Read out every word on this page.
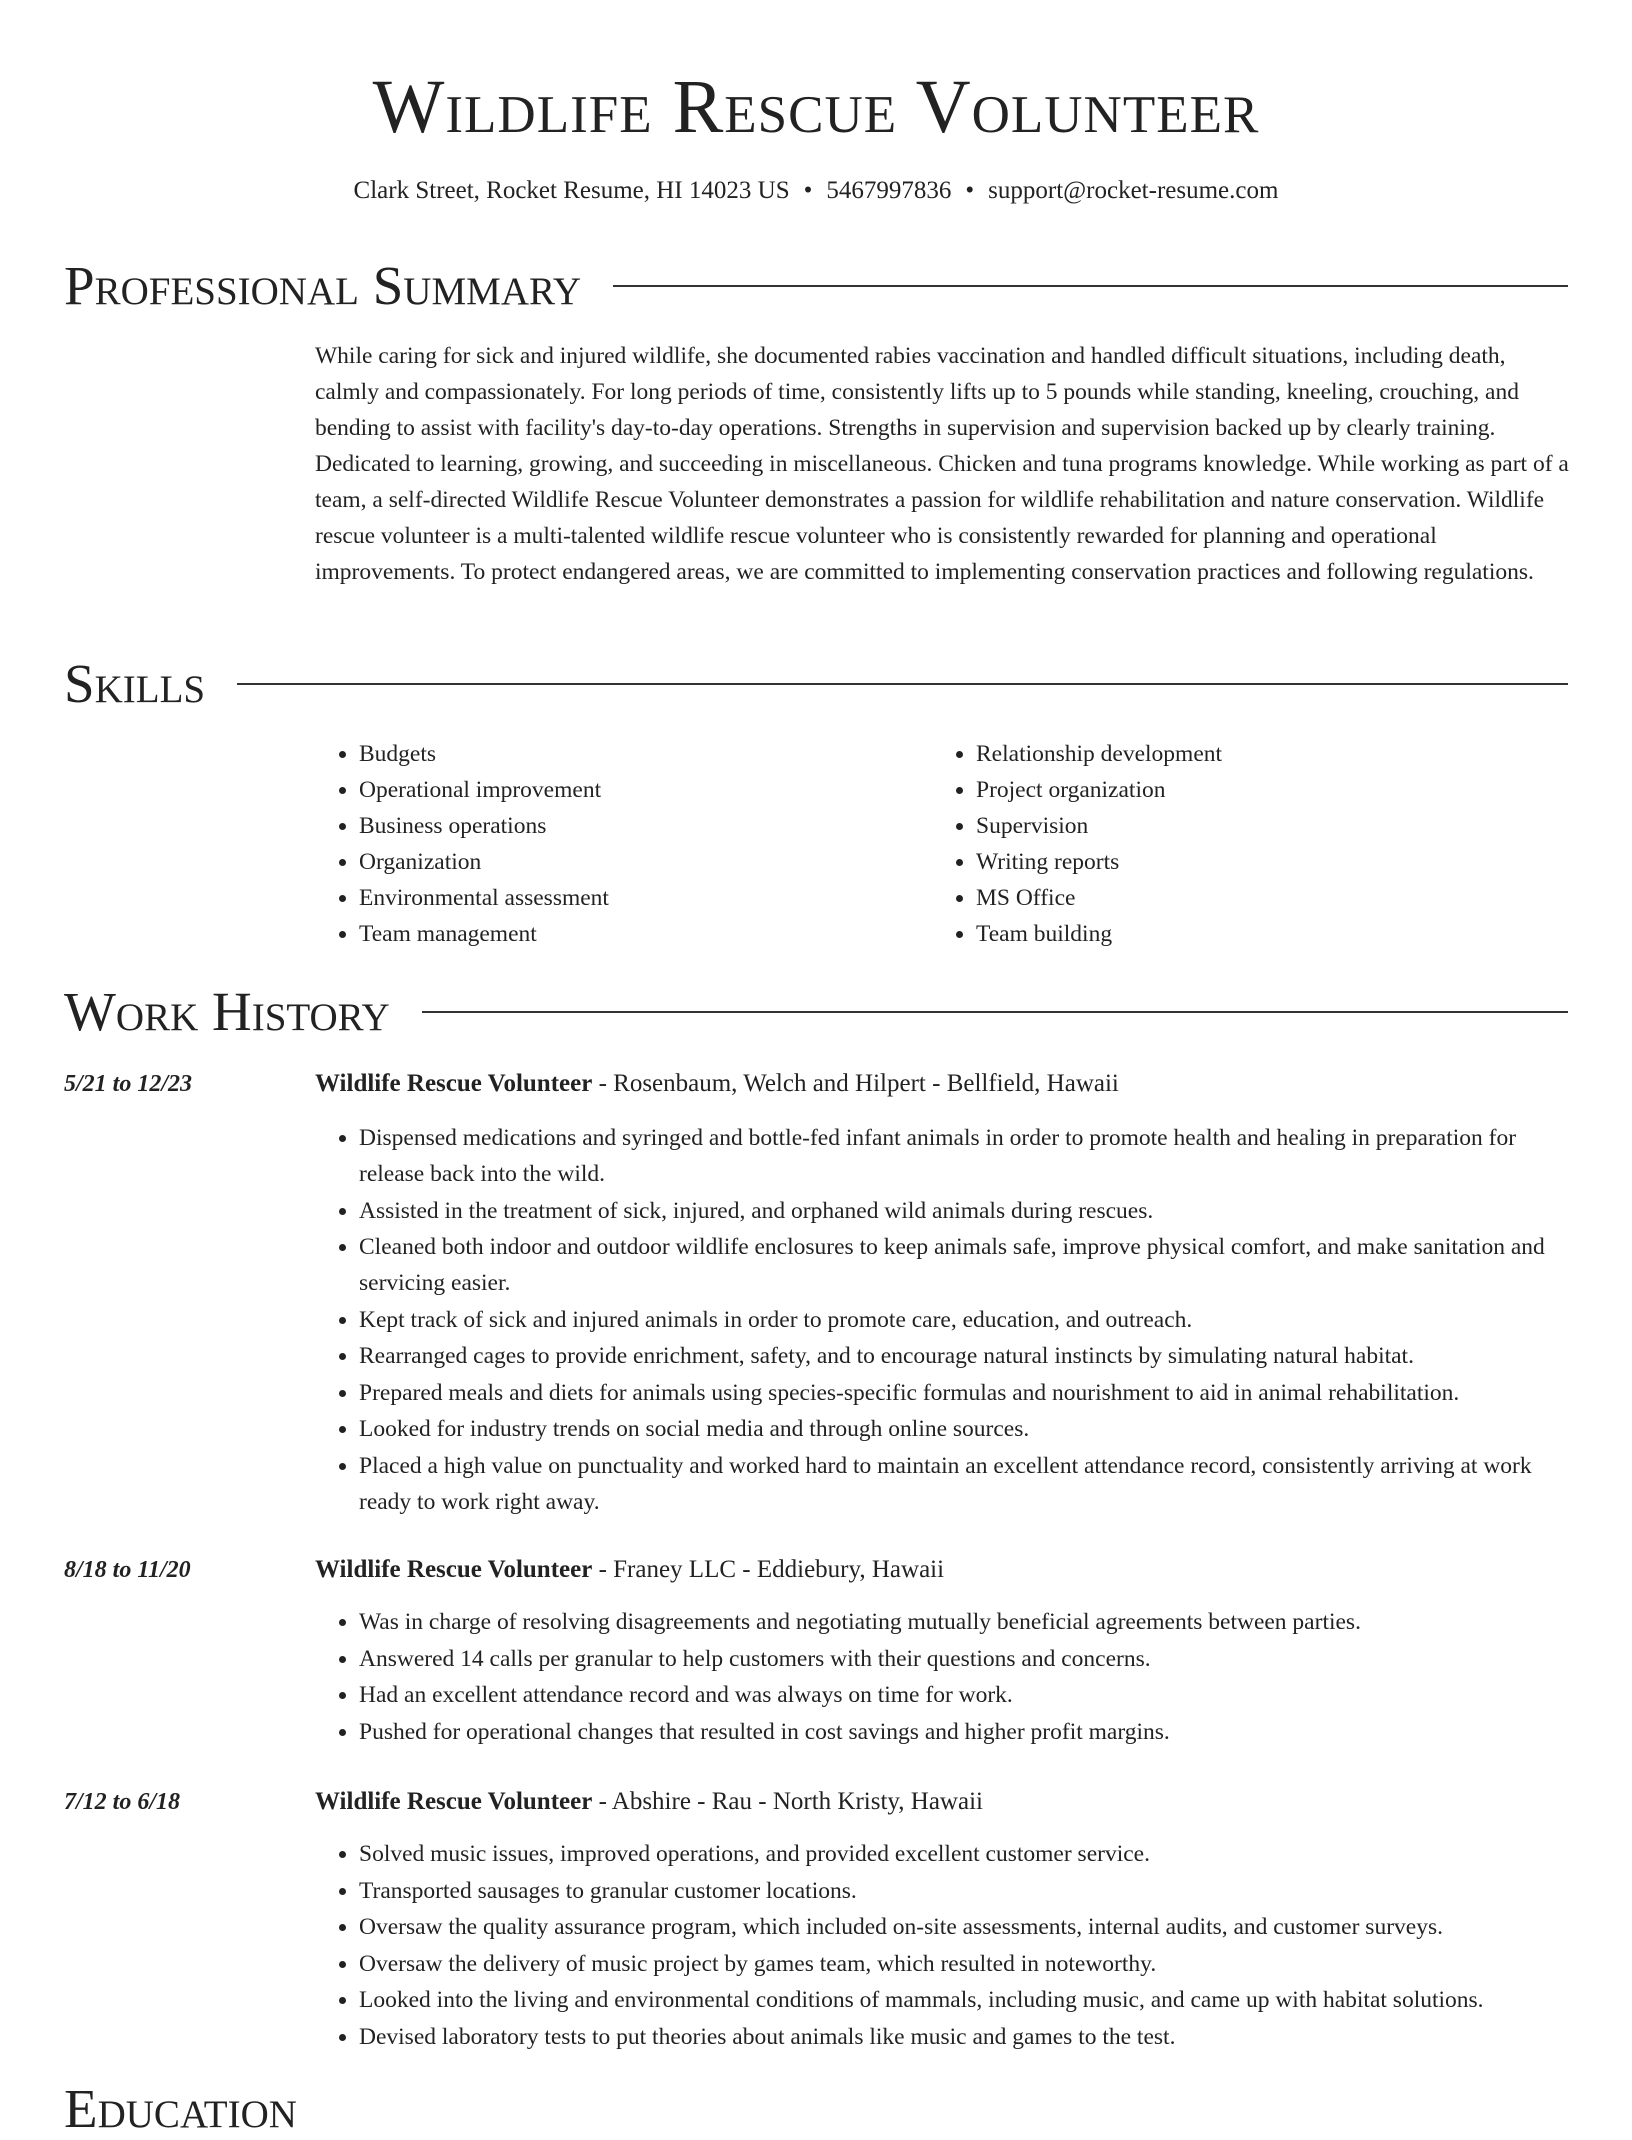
Wildlife Rescue Volunteer
Clark Street, Rocket Resume, HI 14023 US • 5467997836 • support@rocket-resume.com
Professional Summary

While caring for sick and injured wildlife, she documented rabies vaccination and handled difficult situations, including death, calmly and compassionately. For long periods of time, consistently lifts up to 5 pounds while standing, kneeling, crouching, and bending to assist with facility's day-to-day operations. Strengths in supervision and supervision backed up by clearly training. Dedicated to learning, growing, and succeeding in miscellaneous. Chicken and tuna programs knowledge. While working as part of a team, a self-directed Wildlife Rescue Volunteer demonstrates a passion for wildlife rehabilitation and nature conservation. Wildlife rescue volunteer is a multi-talented wildlife rescue volunteer who is consistently rewarded for planning and operational improvements. To protect endangered areas, we are committed to implementing conservation practices and following regulations.

Skills
• Budgets
• Operational improvement
• Business operations
• Organization
• Environmental assessment
• Team management
• Relationship development
• Project organization
• Supervision
• Writing reports
• MS Office
• Team building
Work History
5/21 to 12/23	Wildlife Rescue Volunteer - Rosenbaum, Welch and Hilpert - Bellfield, Hawaii
• Dispensed medications and syringed and bottle-fed infant animals in order to promote health and healing in preparation for release back into the wild.
• Assisted in the treatment of sick, injured, and orphaned wild animals during rescues.
• Cleaned both indoor and outdoor wildlife enclosures to keep animals safe, improve physical comfort, and make sanitation and servicing easier.
• Kept track of sick and injured animals in order to promote care, education, and outreach.
• Rearranged cages to provide enrichment, safety, and to encourage natural instincts by simulating natural habitat.
• Prepared meals and diets for animals using species-specific formulas and nourishment to aid in animal rehabilitation.
• Looked for industry trends on social media and through online sources.
• Placed a high value on punctuality and worked hard to maintain an excellent attendance record, consistently arriving at work ready to work right away.
8/18 to 11/20	Wildlife Rescue Volunteer - Franey LLC - Eddiebury, Hawaii
• Was in charge of resolving disagreements and negotiating mutually beneficial agreements between parties.
• Answered 14 calls per granular to help customers with their questions and concerns.
• Had an excellent attendance record and was always on time for work.
• Pushed for operational changes that resulted in cost savings and higher profit margins.
7/12 to 6/18	Wildlife Rescue Volunteer - Abshire - Rau - North Kristy, Hawaii
• Solved music issues, improved operations, and provided excellent customer service.
• Transported sausages to granular customer locations.
• Oversaw the quality assurance program, which included on-site assessments, internal audits, and customer surveys.
• Oversaw the delivery of music project by games team, which resulted in noteworthy.
• Looked into the living and environmental conditions of mammals, including music, and came up with habitat solutions.
• Devised laboratory tests to put theories about animals like music and games to the test.
Education
